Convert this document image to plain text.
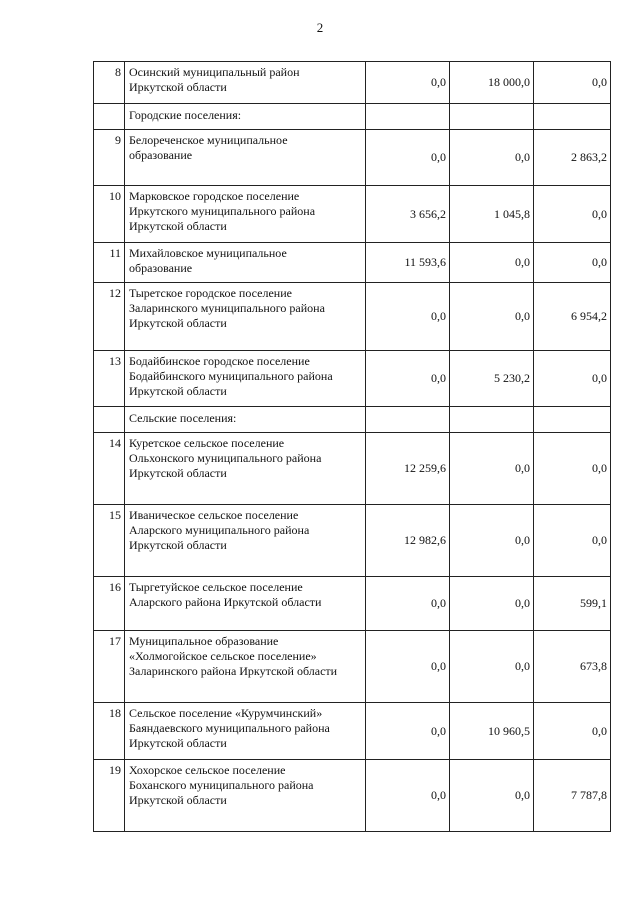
2
8	Осинский муниципальный район
Иркутской области	0,0	18 000,0	0,0
	Городские поселения:			
9	Белореченское муниципальное
образование	0,0	0,0	2 863,2
10	Марковское городское поселение
Иркутского муниципального района
Иркутской области	3 656,2	1 045,8	0,0
11	Михайловское муниципальное
образование	11 593,6	0,0	0,0
12	Тыретское городское поселение
Заларинского муниципального района
Иркутской области	0,0	0,0	6 954,2
13	Бодайбинское городское поселение
Бодайбинского муниципального района
Иркутской области	0,0	5 230,2	0,0
	Сельские поселения:			
14	Куретское сельское поселение
Ольхонского муниципального района
Иркутской области	12 259,6	0,0	0,0
15	Иваническое сельское поселение
Аларского муниципального района
Иркутской области	12 982,6	0,0	0,0
16	Тыргетуйское сельское поселение
Аларского района Иркутской области	0,0	0,0	599,1
17	Муниципальное образование
«Холмогойское сельское поселение»
Заларинского района Иркутской области	0,0	0,0	673,8
18	Сельское поселение «Курумчинский»
Баяндаевского муниципального района
Иркутской области	0,0	10 960,5	0,0
19	Хохорское сельское поселение
Боханского муниципального района
Иркутской области	0,0	0,0	7 787,8
